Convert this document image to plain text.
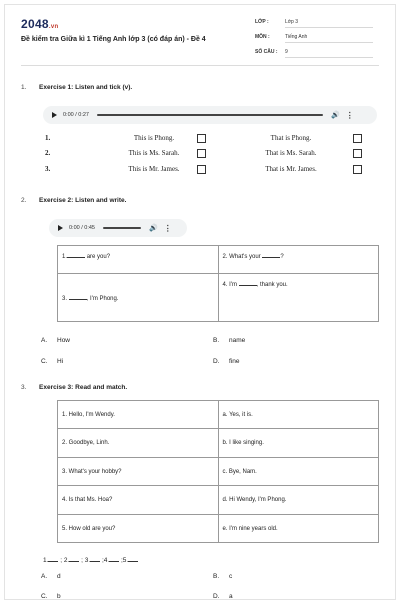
2048.vn
Đề kiểm tra Giữa kì 1 Tiếng Anh lớp 3 (có đáp án) - Đề 4
LỚP :	Lớp 3
MÔN :	Tiếng Anh
SỐ CÂU : 9
1. Exercise 1: Listen and tick (v).
0:00 / 0:27	🔊 ⋮
1.	This is Phong.	That is Phong.
2.	This is Ms. Sarah.	That is Ms. Sarah.
3.	This is Mr. James.	That is Mr. James.
2. Exercise 2: Listen and write.
0:00 / 0:45	🔊 ⋮
1. are you?	2. What's your ?
3. , I'm Phong.	4. I'm , thank you.
A. How	B. name
C. Hi	D. fine
3. Exercise 3: Read and match.
1. Hello, I'm Wendy.	a. Yes, it is.
2. Goodbye, Linh.	b. I like singing.
3. What's your hobby?	c. Bye, Nam.
4. Is that Ms. Hoa?	d. Hi Wendy, I'm Phong.
5. How old are you?	e. I'm nine years old.
1. ; 2. ; 3. ;4. ;5.
A. d	B. c
C. b	D. a
